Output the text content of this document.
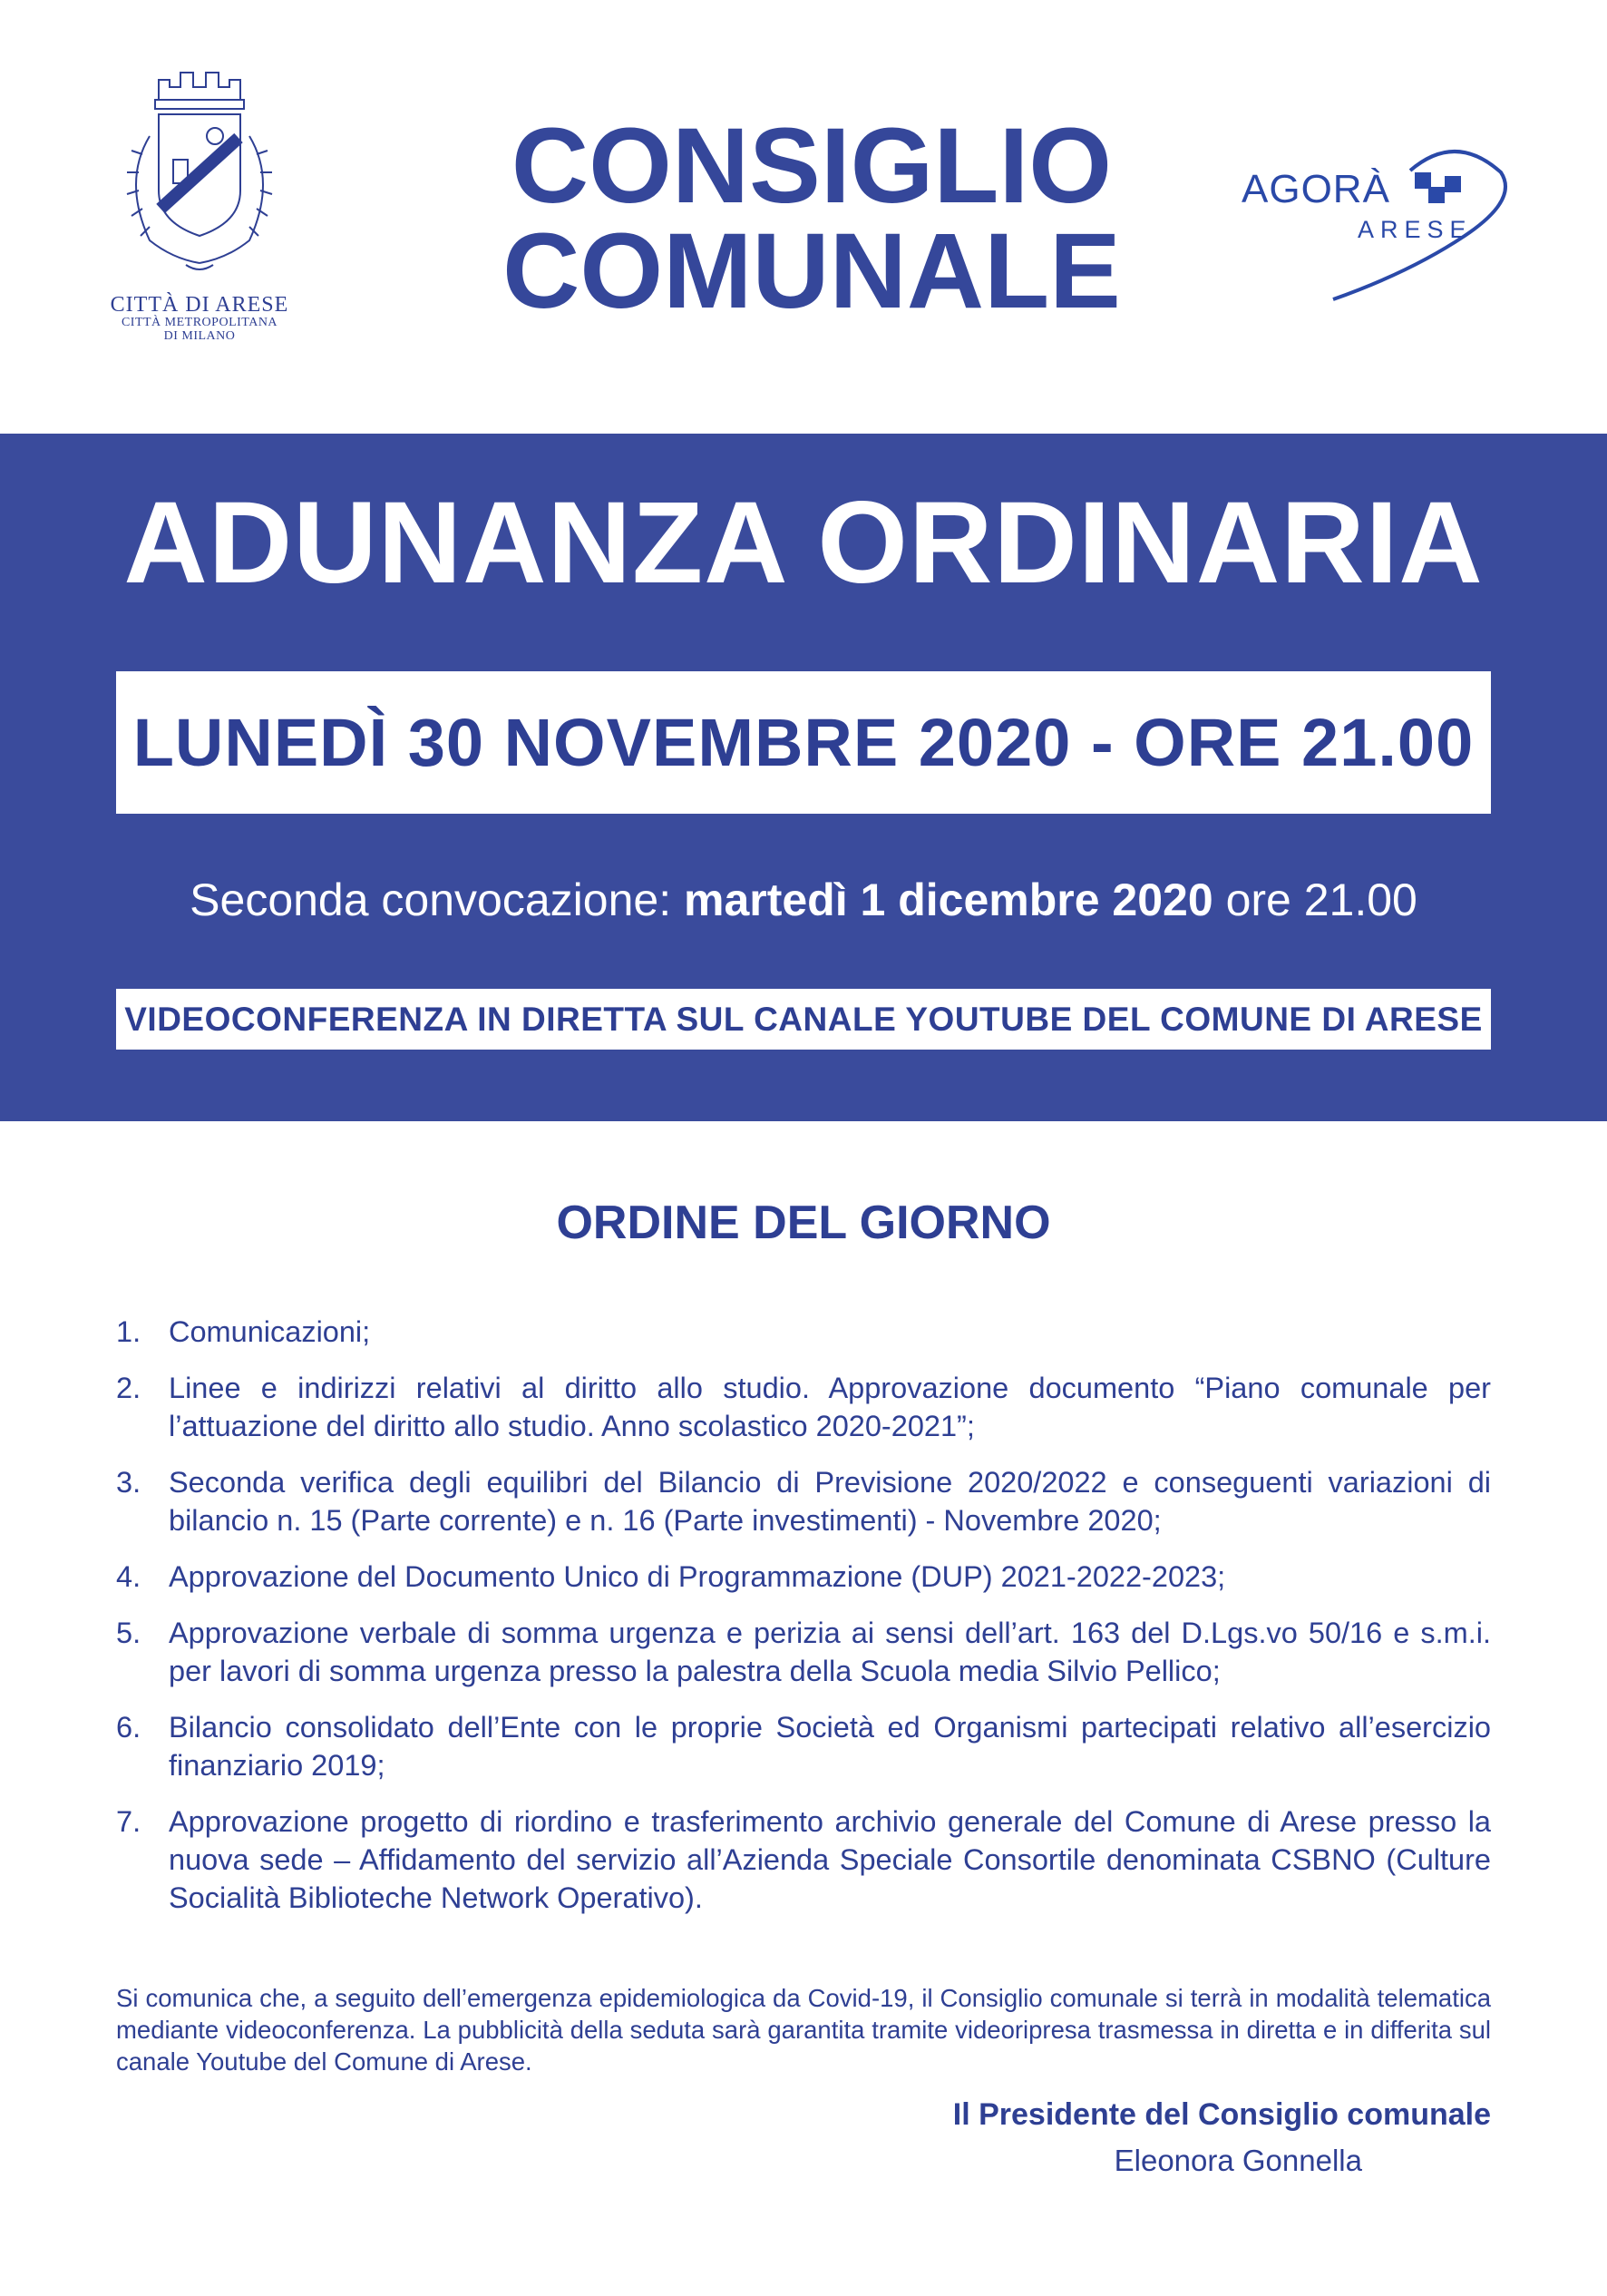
CITTÀ DI ARESE
CITTÀ METROPOLITANA
DI MILANO
CONSIGLIO
COMUNALE
AGORÀ
ARESE
ADUNANZA ORDINARIA
LUNEDÌ 30 NOVEMBRE 2020 - ORE 21.00
Seconda convocazione: martedì 1 dicembre 2020 ore 21.00
VIDEOCONFERENZA IN DIRETTA SUL CANALE YOUTUBE DEL COMUNE DI ARESE
ORDINE DEL GIORNO
1. Comunicazioni;
2. Linee e indirizzi relativi al diritto allo studio. Approvazione documento “Piano comunale per l’attuazione del diritto allo studio. Anno scolastico 2020-2021”;
3. Seconda verifica degli equilibri del Bilancio di Previsione 2020/2022 e conseguenti variazioni di bilancio n. 15 (Parte corrente) e n. 16 (Parte investimenti) - Novembre 2020;
4. Approvazione del Documento Unico di Programmazione (DUP) 2021-2022-2023;
5. Approvazione verbale di somma urgenza e perizia ai sensi dell’art. 163 del D.Lgs.vo 50/16 e s.m.i. per lavori di somma urgenza presso la palestra della Scuola media Silvio Pellico;
6. Bilancio consolidato dell’Ente con le proprie Società ed Organismi partecipati relativo all’esercizio finanziario 2019;
7. Approvazione progetto di riordino e trasferimento archivio generale del Comune di Arese presso la nuova sede – Affidamento del servizio all’Azienda Speciale Consortile denominata CSBNO (Culture Socialità Biblioteche Network Operativo).
Si comunica che, a seguito dell’emergenza epidemiologica da Covid-19, il Consiglio comunale si terrà in modalità telematica mediante videoconferenza. La pubblicità della seduta sarà garantita tramite videoripresa trasmessa in diretta e in differita sul canale Youtube del Comune di Arese.
Il Presidente del Consiglio comunale
Eleonora Gonnella
